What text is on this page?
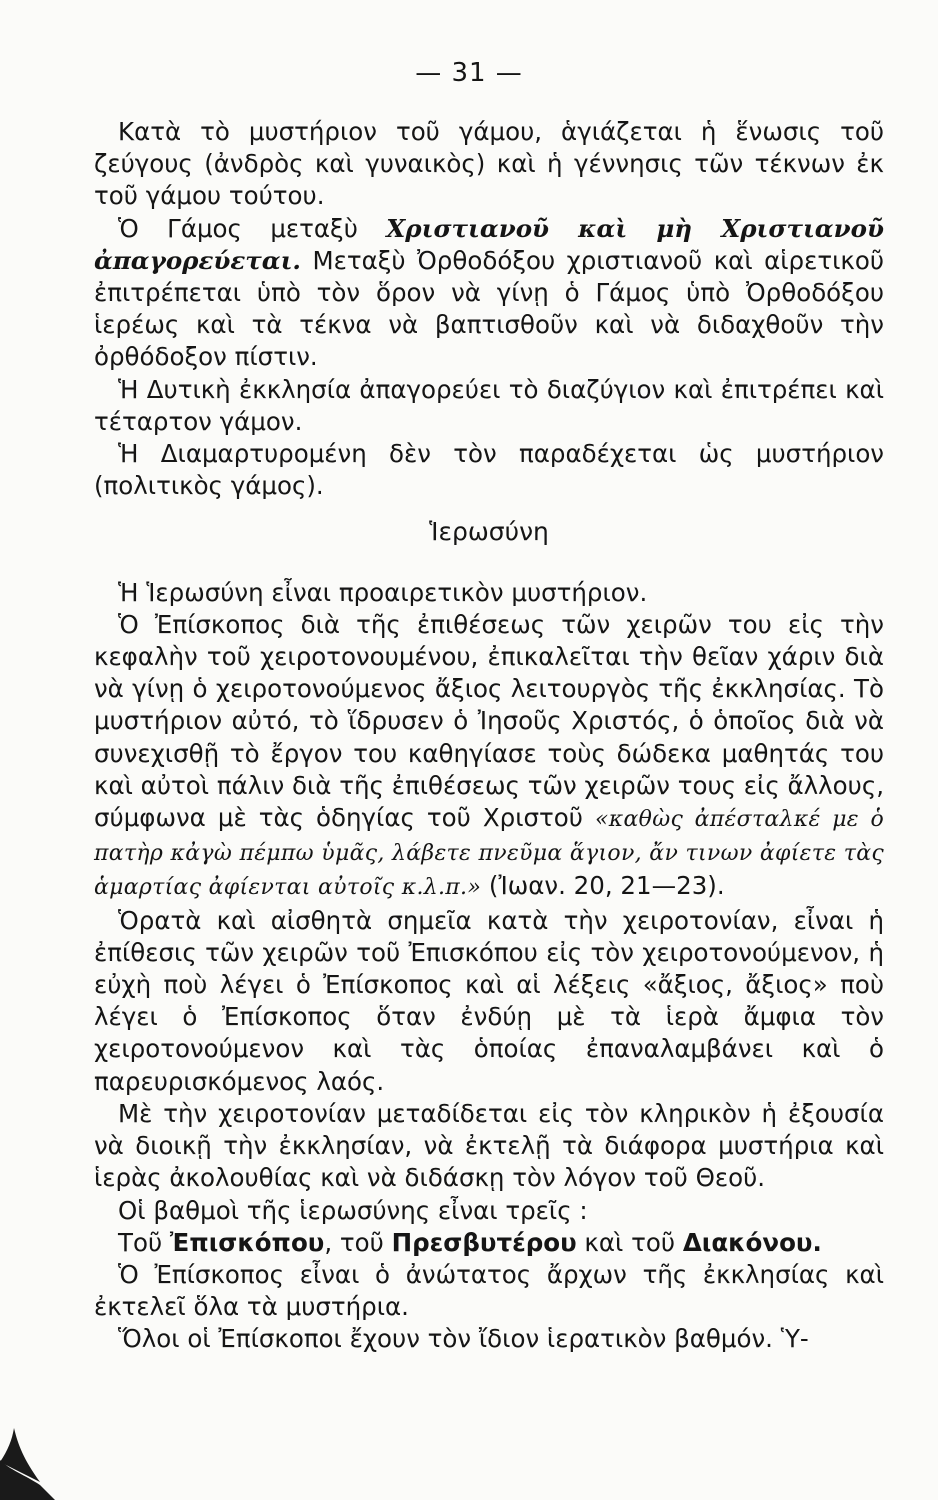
— 31 —

Κατὰ τὸ μυστήριον τοῦ γάμου, ἁγιάζεται ἡ ἕνωσις τοῦ ζεύγους (ἀνδρὸς καὶ γυναικὸς) καὶ ἡ γέννησις τῶν τέκνων ἐκ τοῦ γάμου τούτου.

Ὁ Γάμος μεταξὺ Χριστιανοῦ καὶ μὴ Χριστιανοῦ ἀπαγορεύεται. Μεταξὺ Ὀρθοδόξου χριστιανοῦ καὶ αἱρετικοῦ ἐπιτρέπεται ὑπὸ τὸν ὅρον νὰ γίνῃ ὁ Γάμος ὑπὸ Ὀρθοδόξου ἱερέως καὶ τὰ τέκνα νὰ βαπτισθοῦν καὶ νὰ διδαχθοῦν τὴν ὀρθόδοξον πίστιν.

Ἡ Δυτικὴ ἐκκλησία ἀπαγορεύει τὸ διαζύγιον καὶ ἐπιτρέπει καὶ τέταρτον γάμον.

Ἡ Διαμαρτυρομένη δὲν τὸν παραδέχεται ὡς μυστήριον (πολιτικὸς γάμος).

Ἱερωσύνη

Ἡ Ἱερωσύνη εἶναι προαιρετικὸν μυστήριον.

Ὁ Ἐπίσκοπος διὰ τῆς ἐπιθέσεως τῶν χειρῶν του εἰς τὴν κεφαλὴν τοῦ χειροτονουμένου, ἐπικαλεῖται τὴν θεῖαν χάριν διὰ νὰ γίνῃ ὁ χειροτονούμενος ἄξιος λειτουργὸς τῆς ἐκκλησίας. Τὸ μυστήριον αὐτό, τὸ ἵδρυσεν ὁ Ἰησοῦς Χριστός, ὁ ὁποῖος διὰ νὰ συνεχισθῇ τὸ ἔργον του καθηγίασε τοὺς δώδεκα μαθητάς του καὶ αὐτοὶ πάλιν διὰ τῆς ἐπιθέσεως τῶν χειρῶν τους εἰς ἄλλους, σύμφωνα μὲ τὰς ὁδηγίας τοῦ Χριστοῦ «καθὼς ἀπέσταλκέ με ὁ πατὴρ κἀγὼ πέμπω ὑμᾶς, λάβετε πνεῦμα ἅγιον, ἄν τινων ἀφίετε τὰς ἁμαρτίας ἀφίενται αὐτοῖς κ.λ.π.» (Ἰωαν. 20, 21—23).

Ὁρατὰ καὶ αἰσθητὰ σημεῖα κατὰ τὴν χειροτονίαν, εἶναι ἡ ἐπίθεσις τῶν χειρῶν τοῦ Ἐπισκόπου εἰς τὸν χειροτονούμενον, ἡ εὐχὴ ποὺ λέγει ὁ Ἐπίσκοπος καὶ αἱ λέξεις «ἄξιος, ἄξιος» ποὺ λέγει ὁ Ἐπίσκοπος ὅταν ἐνδύῃ μὲ τὰ ἱερὰ ἄμφια τὸν χειροτονούμενον καὶ τὰς ὁποίας ἐπαναλαμβάνει καὶ ὁ παρευρισκόμενος λαός.

Μὲ τὴν χειροτονίαν μεταδίδεται εἰς τὸν κληρικὸν ἡ ἐξουσία νὰ διοικῇ τὴν ἐκκλησίαν, νὰ ἐκτελῇ τὰ διάφορα μυστήρια καὶ ἱερὰς ἀκολουθίας καὶ νὰ διδάσκῃ τὸν λόγον τοῦ Θεοῦ.

Οἱ βαθμοὶ τῆς ἱερωσύνης εἶναι τρεῖς :

Τοῦ Ἐπισκόπου, τοῦ Πρεσβυτέρου καὶ τοῦ Διακόνου.

Ὁ Ἐπίσκοπος εἶναι ὁ ἀνώτατος ἄρχων τῆς ἐκκλησίας καὶ ἐκτελεῖ ὅλα τὰ μυστήρια.

Ὅλοι οἱ Ἐπίσκοποι ἔχουν τὸν ἴδιον ἱερατικὸν βαθμόν. Ὑ-
